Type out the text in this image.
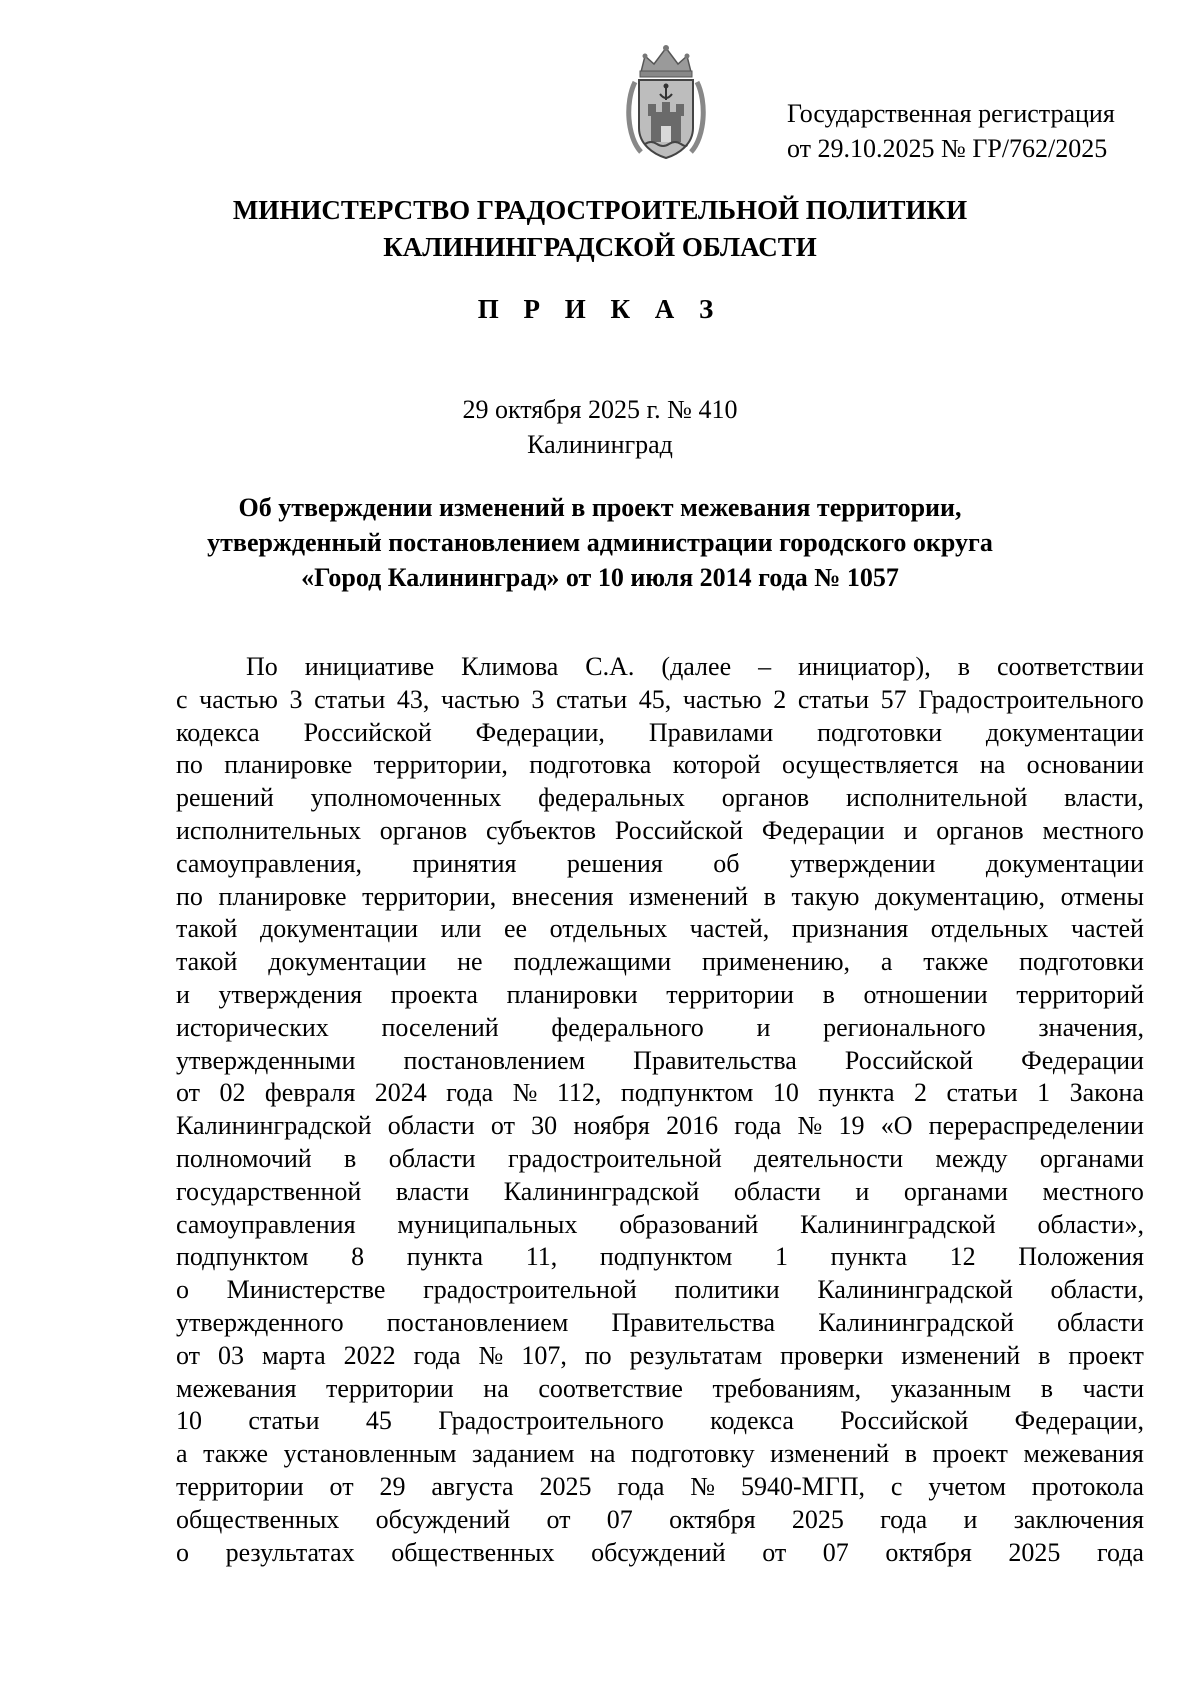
Государственная регистрация
от 29.10.2025 № ГР/762/2025
МИНИСТЕРСТВО ГРАДОСТРОИТЕЛЬНОЙ ПОЛИТИКИ
КАЛИНИНГРАДСКОЙ ОБЛАСТИ
П Р И К А З
29 октября 2025 г. № 410
Калининград
Об утверждении изменений в проект межевания территории,
утвержденный постановлением администрации городского округа
«Город Калининград» от 10 июля 2014 года № 1057
По инициативе Климова С.А. (далее – инициатор), в соответствии
с частью 3 статьи 43, частью 3 статьи 45, частью 2 статьи 57 Градостроительного
кодекса Российской Федерации, Правилами подготовки документации
по планировке территории, подготовка которой осуществляется на основании
решений уполномоченных федеральных органов исполнительной власти,
исполнительных органов субъектов Российской Федерации и органов местного
самоуправления, принятия решения об утверждении документации
по планировке территории, внесения изменений в такую документацию, отмены
такой документации или ее отдельных частей, признания отдельных частей
такой документации не подлежащими применению, а также подготовки
и утверждения проекта планировки территории в отношении территорий
исторических поселений федерального и регионального значения,
утвержденными постановлением Правительства Российской Федерации
от 02 февраля 2024 года № 112, подпунктом 10 пункта 2 статьи 1 Закона
Калининградской области от 30 ноября 2016 года № 19 «О перераспределении
полномочий в области градостроительной деятельности между органами
государственной власти Калининградской области и органами местного
самоуправления муниципальных образований Калининградской области»,
подпунктом 8 пункта 11, подпунктом 1 пункта 12 Положения
о Министерстве градостроительной политики Калининградской области,
утвержденного постановлением Правительства Калининградской области
от 03 марта 2022 года № 107, по результатам проверки изменений в проект
межевания территории на соответствие требованиям, указанным в части
10 статьи 45 Градостроительного кодекса Российской Федерации,
а также установленным заданием на подготовку изменений в проект межевания
территории от 29 августа 2025 года № 5940-МГП, с учетом протокола
общественных обсуждений от 07 октября 2025 года и заключения
о результатах общественных обсуждений от 07 октября 2025 года
